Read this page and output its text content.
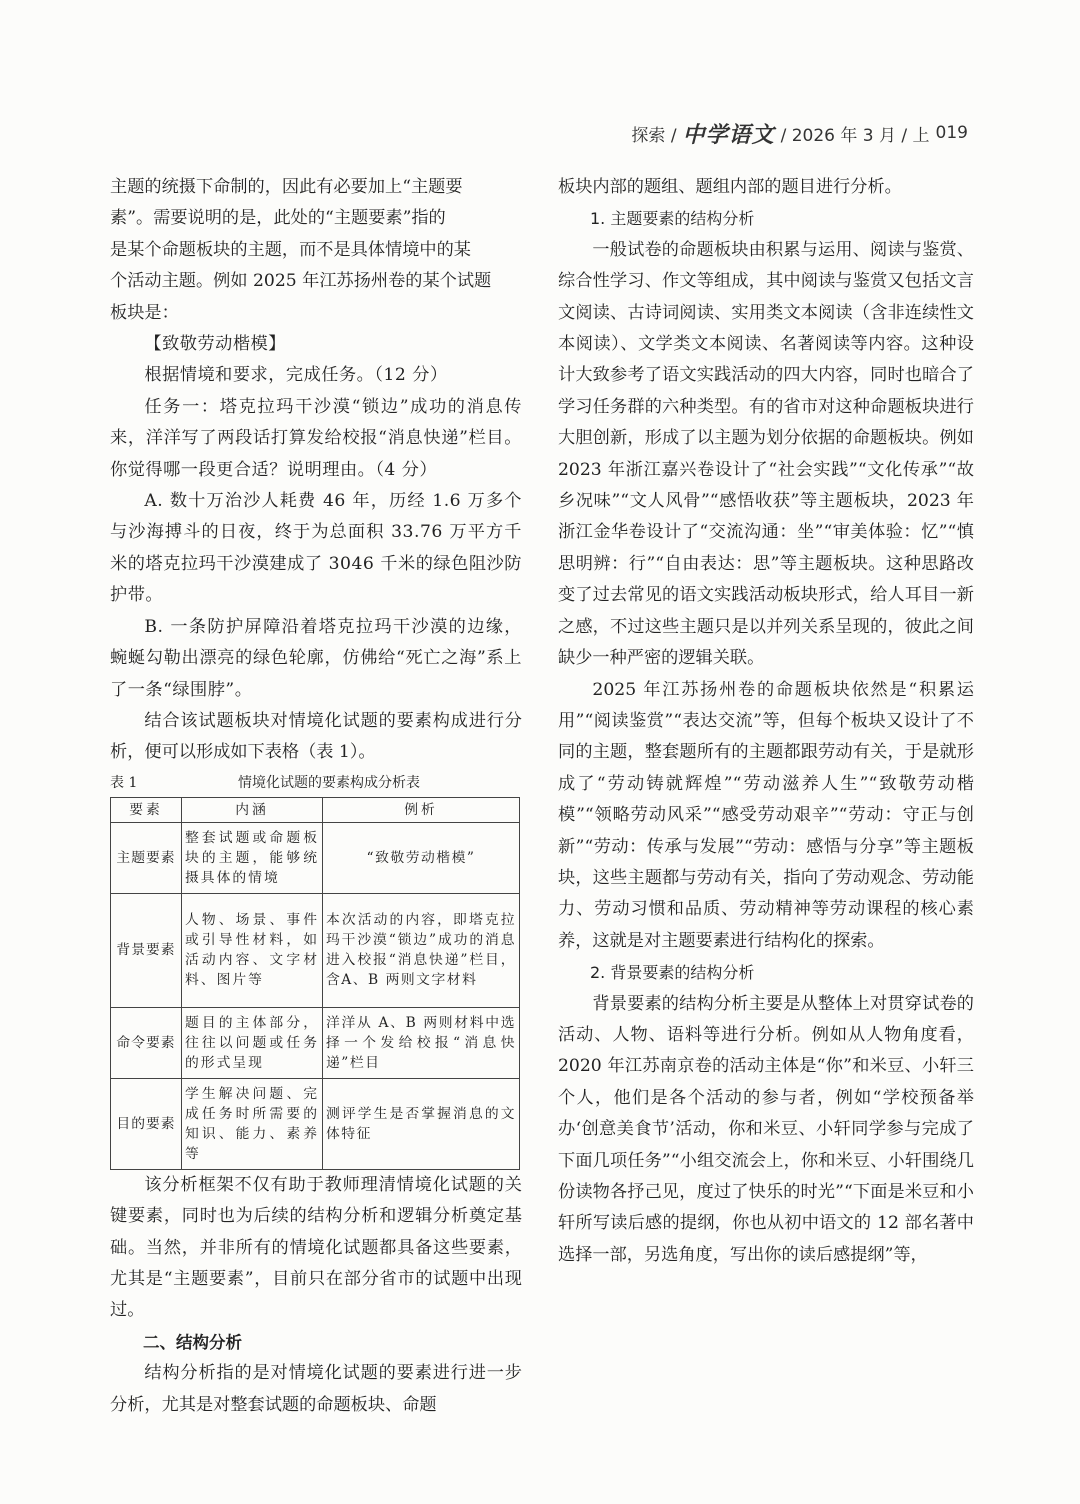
探索 / 中学语文 / 2026 年 3 月 / 上 019

主题的统摄下命制的，因此有必要加上“主题要

素”。需要说明的是，此处的“主题要素”指的

是某个命题板块的主题，而不是具体情境中的某

个活动主题。例如 2025 年江苏扬州卷的某个试题

板块是：

【致敬劳动楷模】

根据情境和要求，完成任务。（12 分）

任务一：塔克拉玛干沙漠“锁边”成功的消息传来，洋洋写了两段话打算发给校报“消息快递”栏目。你觉得哪一段更合适？说明理由。（4 分）

A. 数十万治沙人耗费 46 年，历经 1.6 万多个与沙海搏斗的日夜，终于为总面积 33.76 万平方千米的塔克拉玛干沙漠建成了 3046 千米的绿色阻沙防护带。

B. 一条防护屏障沿着塔克拉玛干沙漠的边缘，蜿蜒勾勒出漂亮的绿色轮廓，仿佛给“死亡之海”系上了一条“绿围脖”。

结合该试题板块对情境化试题的要素构成进行分析，便可以形成如下表格（表 1）。

表 1	情境化试题的要素构成分析表
要素	内涵	例析
主题要素	整套试题或命题板块的主题，能够统摄具体的情境	“致敬劳动楷模”
背景要素	人物、场景、事件或引导性材料，如活动内容、文字材料、图片等	本次活动的内容，即塔克拉玛干沙漠“锁边”成功的消息进入校报“消息快递”栏目，含A、B 两则文字材料
命令要素	题目的主体部分，往往以问题或任务的形式呈现	洋洋从 A、B 两则材料中选择一个发给校报“消息快递”栏目
目的要素	学生解决问题、完成任务时所需要的知识、能力、素养等	测评学生是否掌握消息的文体特征

该分析框架不仅有助于教师理清情境化试题的关键要素，同时也为后续的结构分析和逻辑分析奠定基础。当然，并非所有的情境化试题都具备这些要素，尤其是“主题要素”，目前只在部分省市的试题中出现过。

二、结构分析

结构分析指的是对情境化试题的要素进行进一步分析，尤其是对整套试题的命题板块、命题

板块内部的题组、题组内部的题目进行分析。

1. 主题要素的结构分析

一般试卷的命题板块由积累与运用、阅读与鉴赏、综合性学习、作文等组成，其中阅读与鉴赏又包括文言文阅读、古诗词阅读、实用类文本阅读（含非连续性文本阅读）、文学类文本阅读、名著阅读等内容。这种设计大致参考了语文实践活动的四大内容，同时也暗合了学习任务群的六种类型。有的省市对这种命题板块进行大胆创新，形成了以主题为划分依据的命题板块。例如 2023 年浙江嘉兴卷设计了“社会实践”“文化传承”“故乡况味”“文人风骨”“感悟收获”等主题板块，2023 年浙江金华卷设计了“交流沟通：坐”“审美体验：忆”“慎思明辨：行”“自由表达：思”等主题板块。这种思路改变了过去常见的语文实践活动板块形式，给人耳目一新之感，不过这些主题只是以并列关系呈现的，彼此之间缺少一种严密的逻辑关联。

2025 年江苏扬州卷的命题板块依然是“积累运用”“阅读鉴赏”“表达交流”等，但每个板块又设计了不同的主题，整套题所有的主题都跟劳动有关，于是就形成了“劳动铸就辉煌”“劳动滋养人生”“致敬劳动楷模”“领略劳动风采”“感受劳动艰辛”“劳动：守正与创新”“劳动：传承与发展”“劳动：感悟与分享”等主题板块，这些主题都与劳动有关，指向了劳动观念、劳动能力、劳动习惯和品质、劳动精神等劳动课程的核心素养，这就是对主题要素进行结构化的探索。

2. 背景要素的结构分析

背景要素的结构分析主要是从整体上对贯穿试卷的活动、人物、语料等进行分析。例如从人物角度看，2020 年江苏南京卷的活动主体是“你”和米豆、小轩三个人，他们是各个活动的参与者，例如“学校预备举办‘创意美食节’活动，你和米豆、小轩同学参与完成了下面几项任务”“小组交流会上，你和米豆、小轩围绕几份读物各抒己见，度过了快乐的时光”“下面是米豆和小轩所写读后感的提纲，你也从初中语文的 12 部名著中选择一部，另选角度，写出你的读后感提纲”等，
